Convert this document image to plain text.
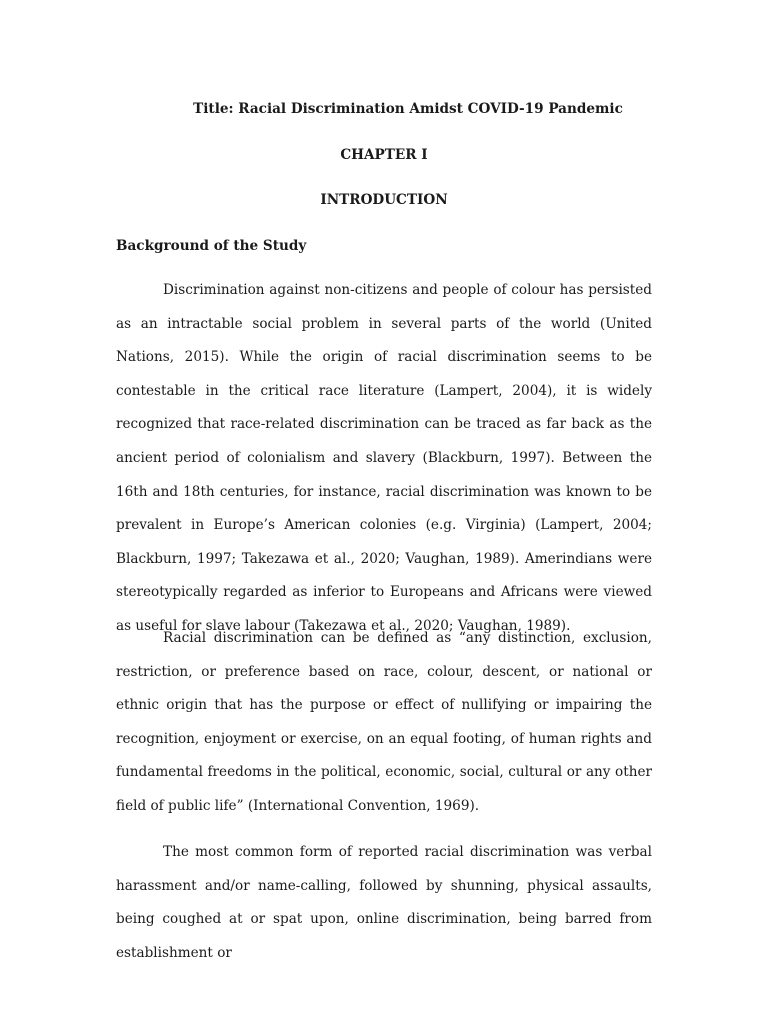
Title: Racial Discrimination Amidst COVID-19 Pandemic
CHAPTER I
INTRODUCTION
Background of the Study

Discrimination against non-citizens and people of colour has persisted as an intractable social problem in several parts of the world (United Nations, 2015). While the origin of racial discrimination seems to be contestable in the critical race literature (Lampert, 2004), it is widely recognized that race-related discrimination can be traced as far back as the ancient period of colonialism and slavery (Blackburn, 1997). Between the 16th and 18th centuries, for instance, racial discrimination was known to be prevalent in Europe’s American colonies (e.g. Virginia) (Lampert, 2004; Blackburn, 1997; Takezawa et al., 2020; Vaughan, 1989). Amerindians were stereotypically regarded as inferior to Europeans and Africans were viewed as useful for slave labour (Takezawa et al., 2020; Vaughan, 1989).

Racial discrimination can be defined as “any distinction, exclusion, restriction, or preference based on race, colour, descent, or national or ethnic origin that has the purpose or effect of nullifying or impairing the recognition, enjoyment or exercise, on an equal footing, of human rights and fundamental freedoms in the political, economic, social, cultural or any other field of public life” (International Convention, 1969).

The most common form of reported racial discrimination was verbal harassment and/or name-calling, followed by shunning, physical assaults, being coughed at or spat upon, online discrimination, being barred from establishment or
